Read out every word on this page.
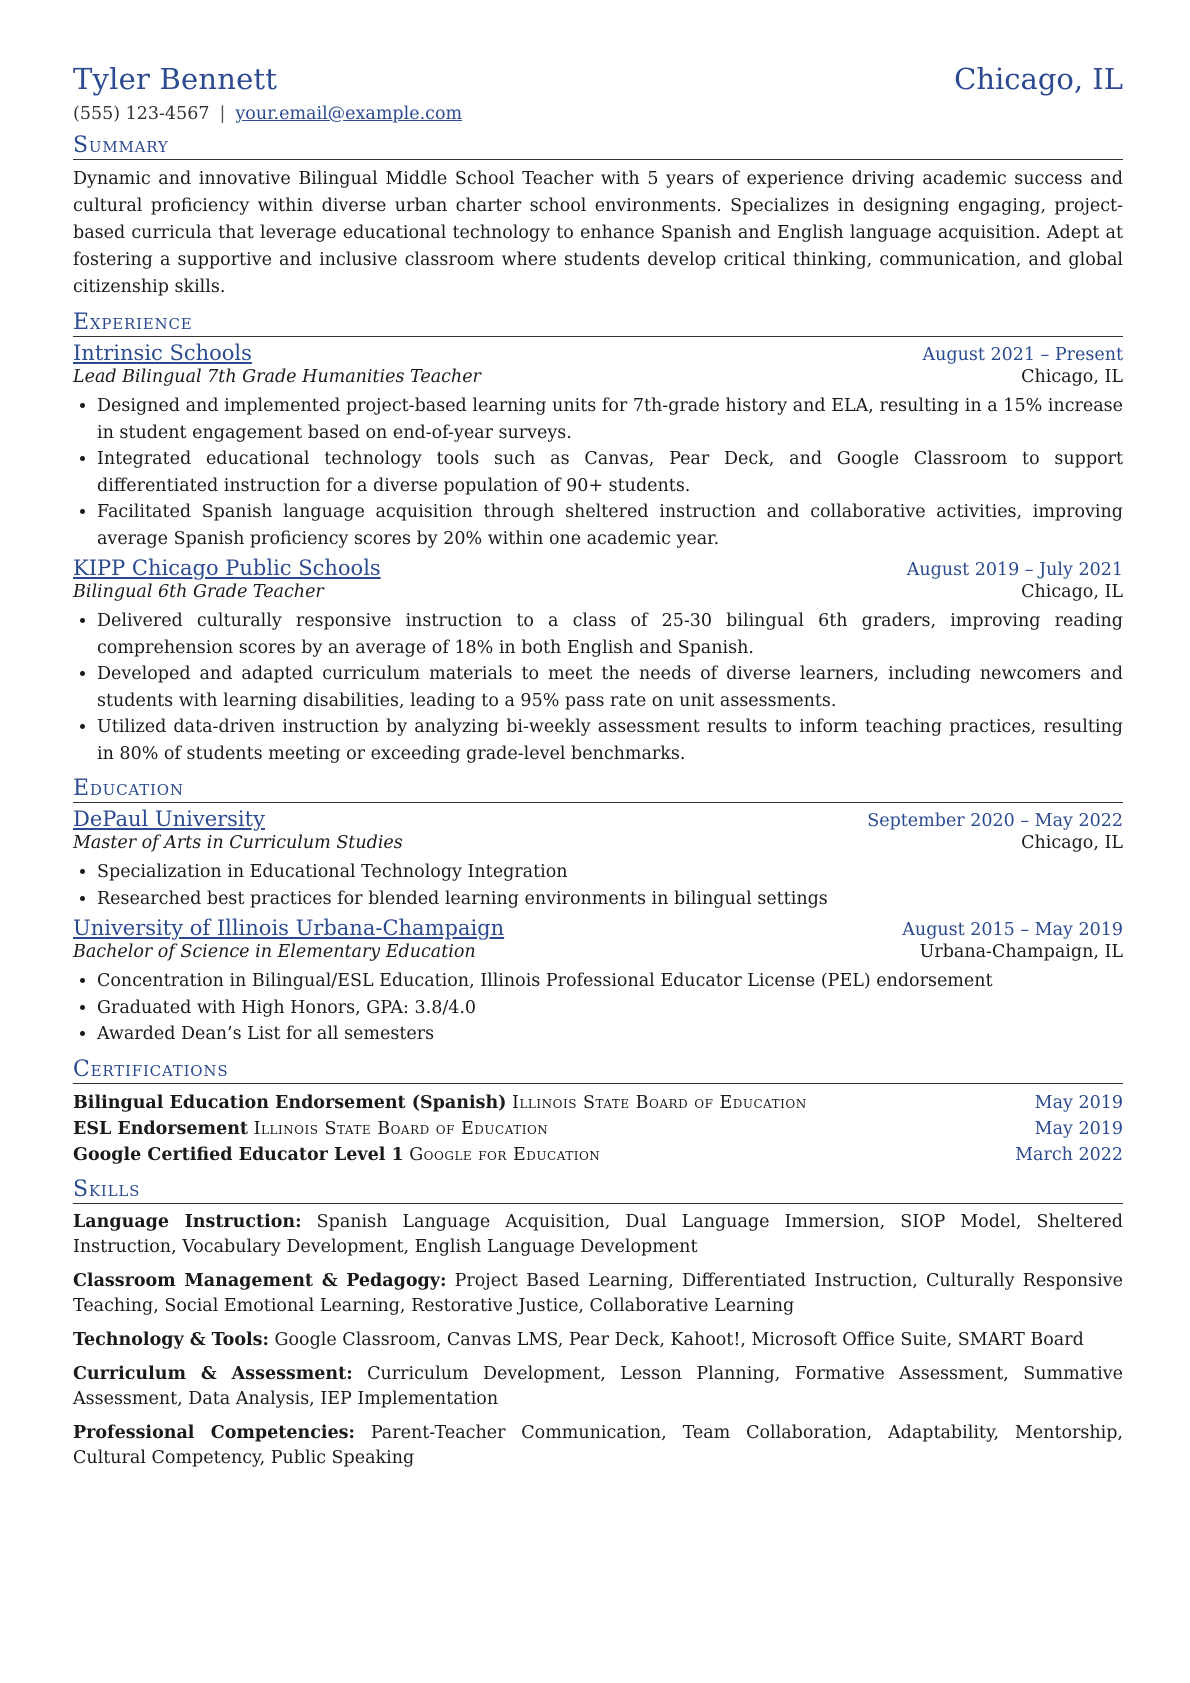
Tyler Bennett	Chicago, IL
(555) 123-4567 | your.email@example.com
Summary
Dynamic and innovative Bilingual Middle School Teacher with 5 years of experience driving academic success and cultural proficiency within diverse urban charter school environments. Specializes in designing engaging, project-based curricula that leverage educational technology to enhance Spanish and English language acquisition. Adept at fostering a supportive and inclusive classroom where students develop critical thinking, communication, and global citizenship skills.
Experience
Intrinsic Schools	August 2021 – Present
Lead Bilingual 7th Grade Humanities Teacher	Chicago, IL
• Designed and implemented project-based learning units for 7th-grade history and ELA, resulting in a 15% increase in student engagement based on end-of-year surveys.
• Integrated educational technology tools such as Canvas, Pear Deck, and Google Classroom to support differentiated instruction for a diverse population of 90+ students.
• Facilitated Spanish language acquisition through sheltered instruction and collaborative activities, improving average Spanish proficiency scores by 20% within one academic year.
KIPP Chicago Public Schools	August 2019 – July 2021
Bilingual 6th Grade Teacher	Chicago, IL
• Delivered culturally responsive instruction to a class of 25-30 bilingual 6th graders, improving reading comprehension scores by an average of 18% in both English and Spanish.
• Developed and adapted curriculum materials to meet the needs of diverse learners, including newcomers and students with learning disabilities, leading to a 95% pass rate on unit assessments.
• Utilized data-driven instruction by analyzing bi-weekly assessment results to inform teaching practices, resulting in 80% of students meeting or exceeding grade-level benchmarks.
Education
DePaul University	September 2020 – May 2022
Master of Arts in Curriculum Studies	Chicago, IL
• Specialization in Educational Technology Integration
• Researched best practices for blended learning environments in bilingual settings
University of Illinois Urbana-Champaign	August 2015 – May 2019
Bachelor of Science in Elementary Education	Urbana-Champaign, IL
• Concentration in Bilingual/ESL Education, Illinois Professional Educator License (PEL) endorsement
• Graduated with High Honors, GPA: 3.8/4.0
• Awarded Dean’s List for all semesters
Certifications
Bilingual Education Endorsement (Spanish) Illinois State Board of Education	May 2019
ESL Endorsement Illinois State Board of Education	May 2019
Google Certified Educator Level 1 Google for Education	March 2022
Skills
Language Instruction: Spanish Language Acquisition, Dual Language Immersion, SIOP Model, Sheltered Instruction, Vocabulary Development, English Language Development
Classroom Management & Pedagogy: Project Based Learning, Differentiated Instruction, Culturally Responsive Teaching, Social Emotional Learning, Restorative Justice, Collaborative Learning
Technology & Tools: Google Classroom, Canvas LMS, Pear Deck, Kahoot!, Microsoft Office Suite, SMART Board
Curriculum & Assessment: Curriculum Development, Lesson Planning, Formative Assessment, Summative Assessment, Data Analysis, IEP Implementation
Professional Competencies: Parent-Teacher Communication, Team Collaboration, Adaptability, Mentorship, Cultural Competency, Public Speaking
